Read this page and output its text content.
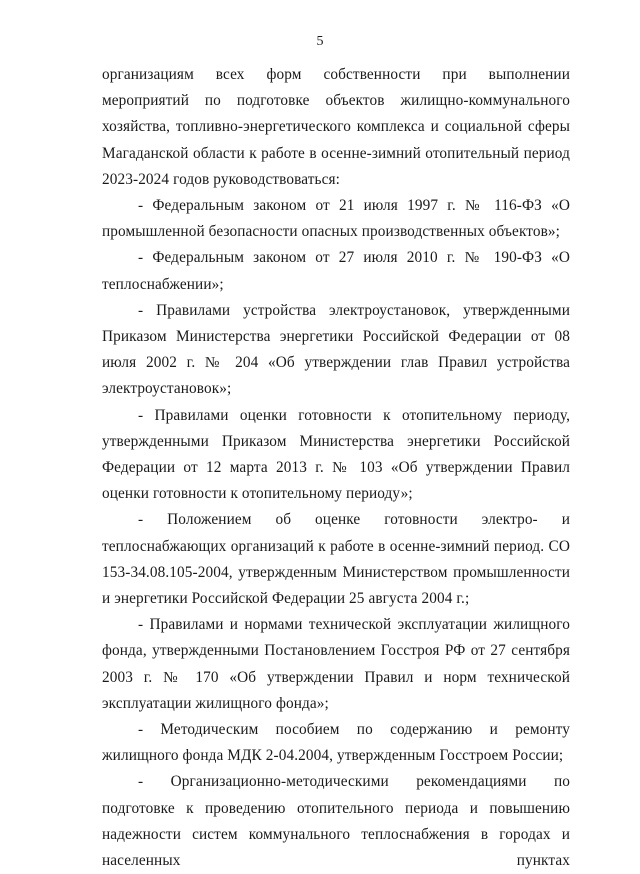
5

организациям всех форм собственности при выполнении мероприятий по подготовке объектов жилищно-коммунального хозяйства, топливно-энергетического комплекса и социальной сферы Магаданской области к работе в осенне-зимний отопительный период 2023-2024 годов руководствоваться:

- Федеральным законом от 21 июля 1997 г. № 116-ФЗ «О промышленной безопасности опасных производственных объектов»;

- Федеральным законом от 27 июля 2010 г. № 190-ФЗ «О теплоснабжении»;

- Правилами устройства электроустановок, утвержденными Приказом Министерства энергетики Российской Федерации от 08 июля 2002 г. № 204 «Об утверждении глав Правил устройства электроустановок»;

- Правилами оценки готовности к отопительному периоду, утвержденными Приказом Министерства энергетики Российской Федерации от 12 марта 2013 г. № 103 «Об утверждении Правил оценки готовности к отопительному периоду»;

- Положением об оценке готовности электро- и теплоснабжающих организаций к работе в осенне-зимний период. СО 153-34.08.105-2004, утвержденным Министерством промышленности и энергетики Российской Федерации 25 августа 2004 г.;

- Правилами и нормами технической эксплуатации жилищного фонда, утвержденными Постановлением Госстроя РФ от 27 сентября 2003 г. № 170 «Об утверждении Правил и норм технической эксплуатации жилищного фонда»;

- Методическим пособием по содержанию и ремонту жилищного фонда МДК 2-04.2004, утвержденным Госстроем России;

- Организационно-методическими рекомендациями по подготовке к проведению отопительного периода и повышению надежности систем коммунального теплоснабжения в городах и населенных пунктах
